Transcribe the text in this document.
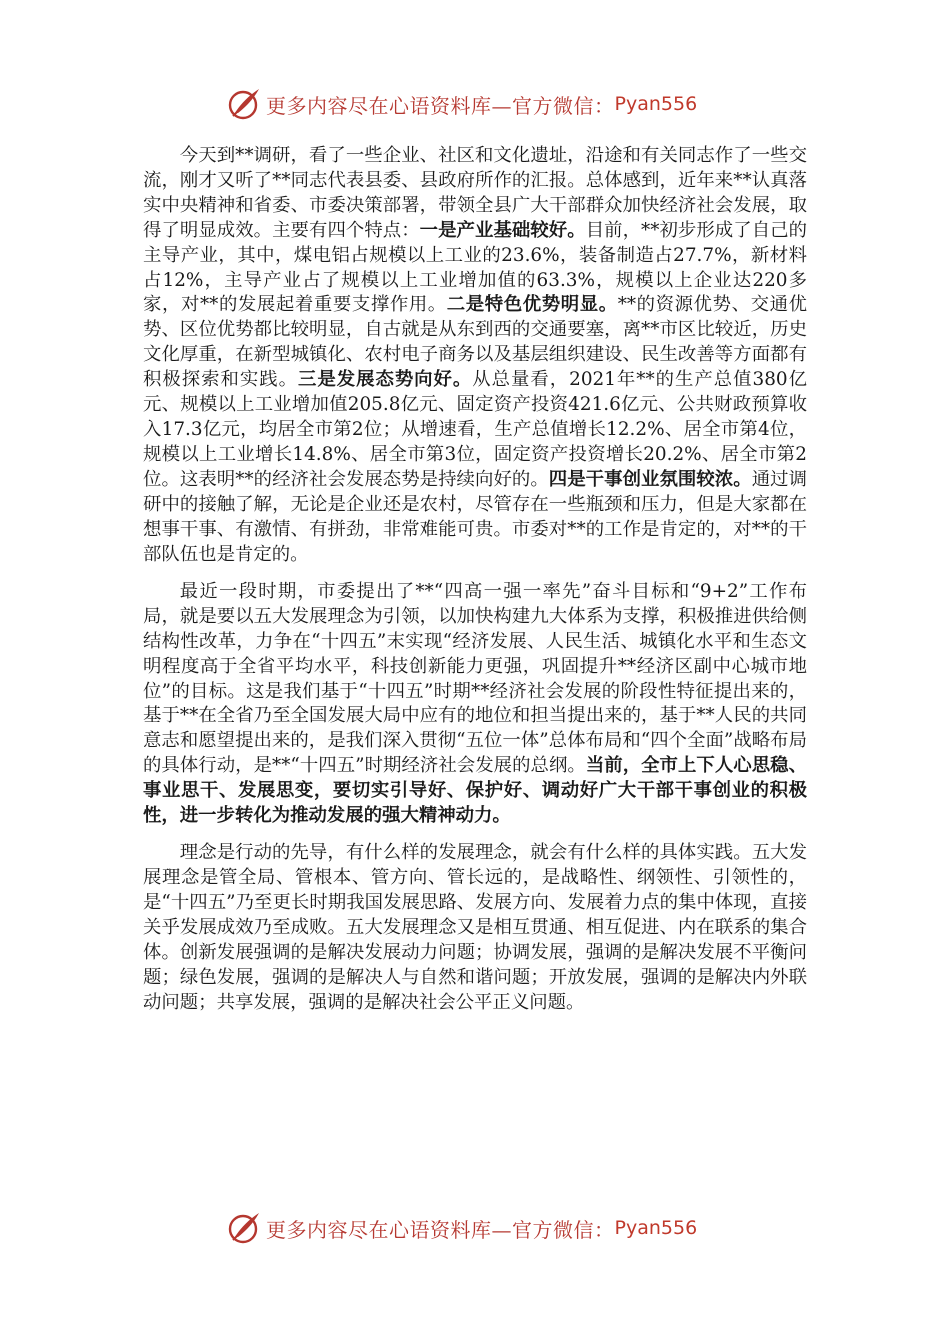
更多内容尽在心语资料库—官方微信： Pyan556

今天到**调研，看了一些企业、社区和文化遗址，沿途和有关同志作了一些交流，刚才又听了**同志代表县委、县政府所作的汇报。总体感到，近年来**认真落实中央精神和省委、市委决策部署，带领全县广大干部群众加快经济社会发展，取得了明显成效。主要有四个特点：一是产业基础较好。目前，**初步形成了自己的主导产业，其中，煤电铝占规模以上工业的23.6%，装备制造占27.7%，新材料占12%，主导产业占了规模以上工业增加值的63.3%，规模以上企业达220多家，对**的发展起着重要支撑作用。二是特色优势明显。**的资源优势、交通优势、区位优势都比较明显，自古就是从东到西的交通要塞，离**市区比较近，历史文化厚重，在新型城镇化、农村电子商务以及基层组织建设、民生改善等方面都有积极探索和实践。三是发展态势向好。从总量看，2021年**的生产总值380亿元、规模以上工业增加值205.8亿元、固定资产投资421.6亿元、公共财政预算收入17.3亿元，均居全市第2位；从增速看，生产总值增长12.2%、居全市第4位，规模以上工业增长14.8%、居全市第3位，固定资产投资增长20.2%、居全市第2位。这表明**的经济社会发展态势是持续向好的。四是干事创业氛围较浓。通过调研中的接触了解，无论是企业还是农村，尽管存在一些瓶颈和压力，但是大家都在想事干事、有激情、有拼劲，非常难能可贵。市委对**的工作是肯定的，对**的干部队伍也是肯定的。

最近一段时期，市委提出了**“四高一强一率先”奋斗目标和“9+2”工作布局，就是要以五大发展理念为引领，以加快构建九大体系为支撑，积极推进供给侧结构性改革，力争在“十四五”末实现“经济发展、人民生活、城镇化水平和生态文明程度高于全省平均水平，科技创新能力更强，巩固提升**经济区副中心城市地位”的目标。这是我们基于“十四五”时期**经济社会发展的阶段性特征提出来的，基于**在全省乃至全国发展大局中应有的地位和担当提出来的，基于**人民的共同意志和愿望提出来的，是我们深入贯彻“五位一体”总体布局和“四个全面”战略布局的具体行动，是**“十四五”时期经济社会发展的总纲。当前，全市上下人心思稳、事业思干、发展思变，要切实引导好、保护好、调动好广大干部干事创业的积极性，进一步转化为推动发展的强大精神动力。

理念是行动的先导，有什么样的发展理念，就会有什么样的具体实践。五大发展理念是管全局、管根本、管方向、管长远的，是战略性、纲领性、引领性的，是“十四五”乃至更长时期我国发展思路、发展方向、发展着力点的集中体现，直接关乎发展成效乃至成败。五大发展理念又是相互贯通、相互促进、内在联系的集合体。创新发展强调的是解决发展动力问题；协调发展，强调的是解决发展不平衡问题；绿色发展，强调的是解决人与自然和谐问题；开放发展，强调的是解决内外联动问题；共享发展，强调的是解决社会公平正义问题。

更多内容尽在心语资料库—官方微信： Pyan556
